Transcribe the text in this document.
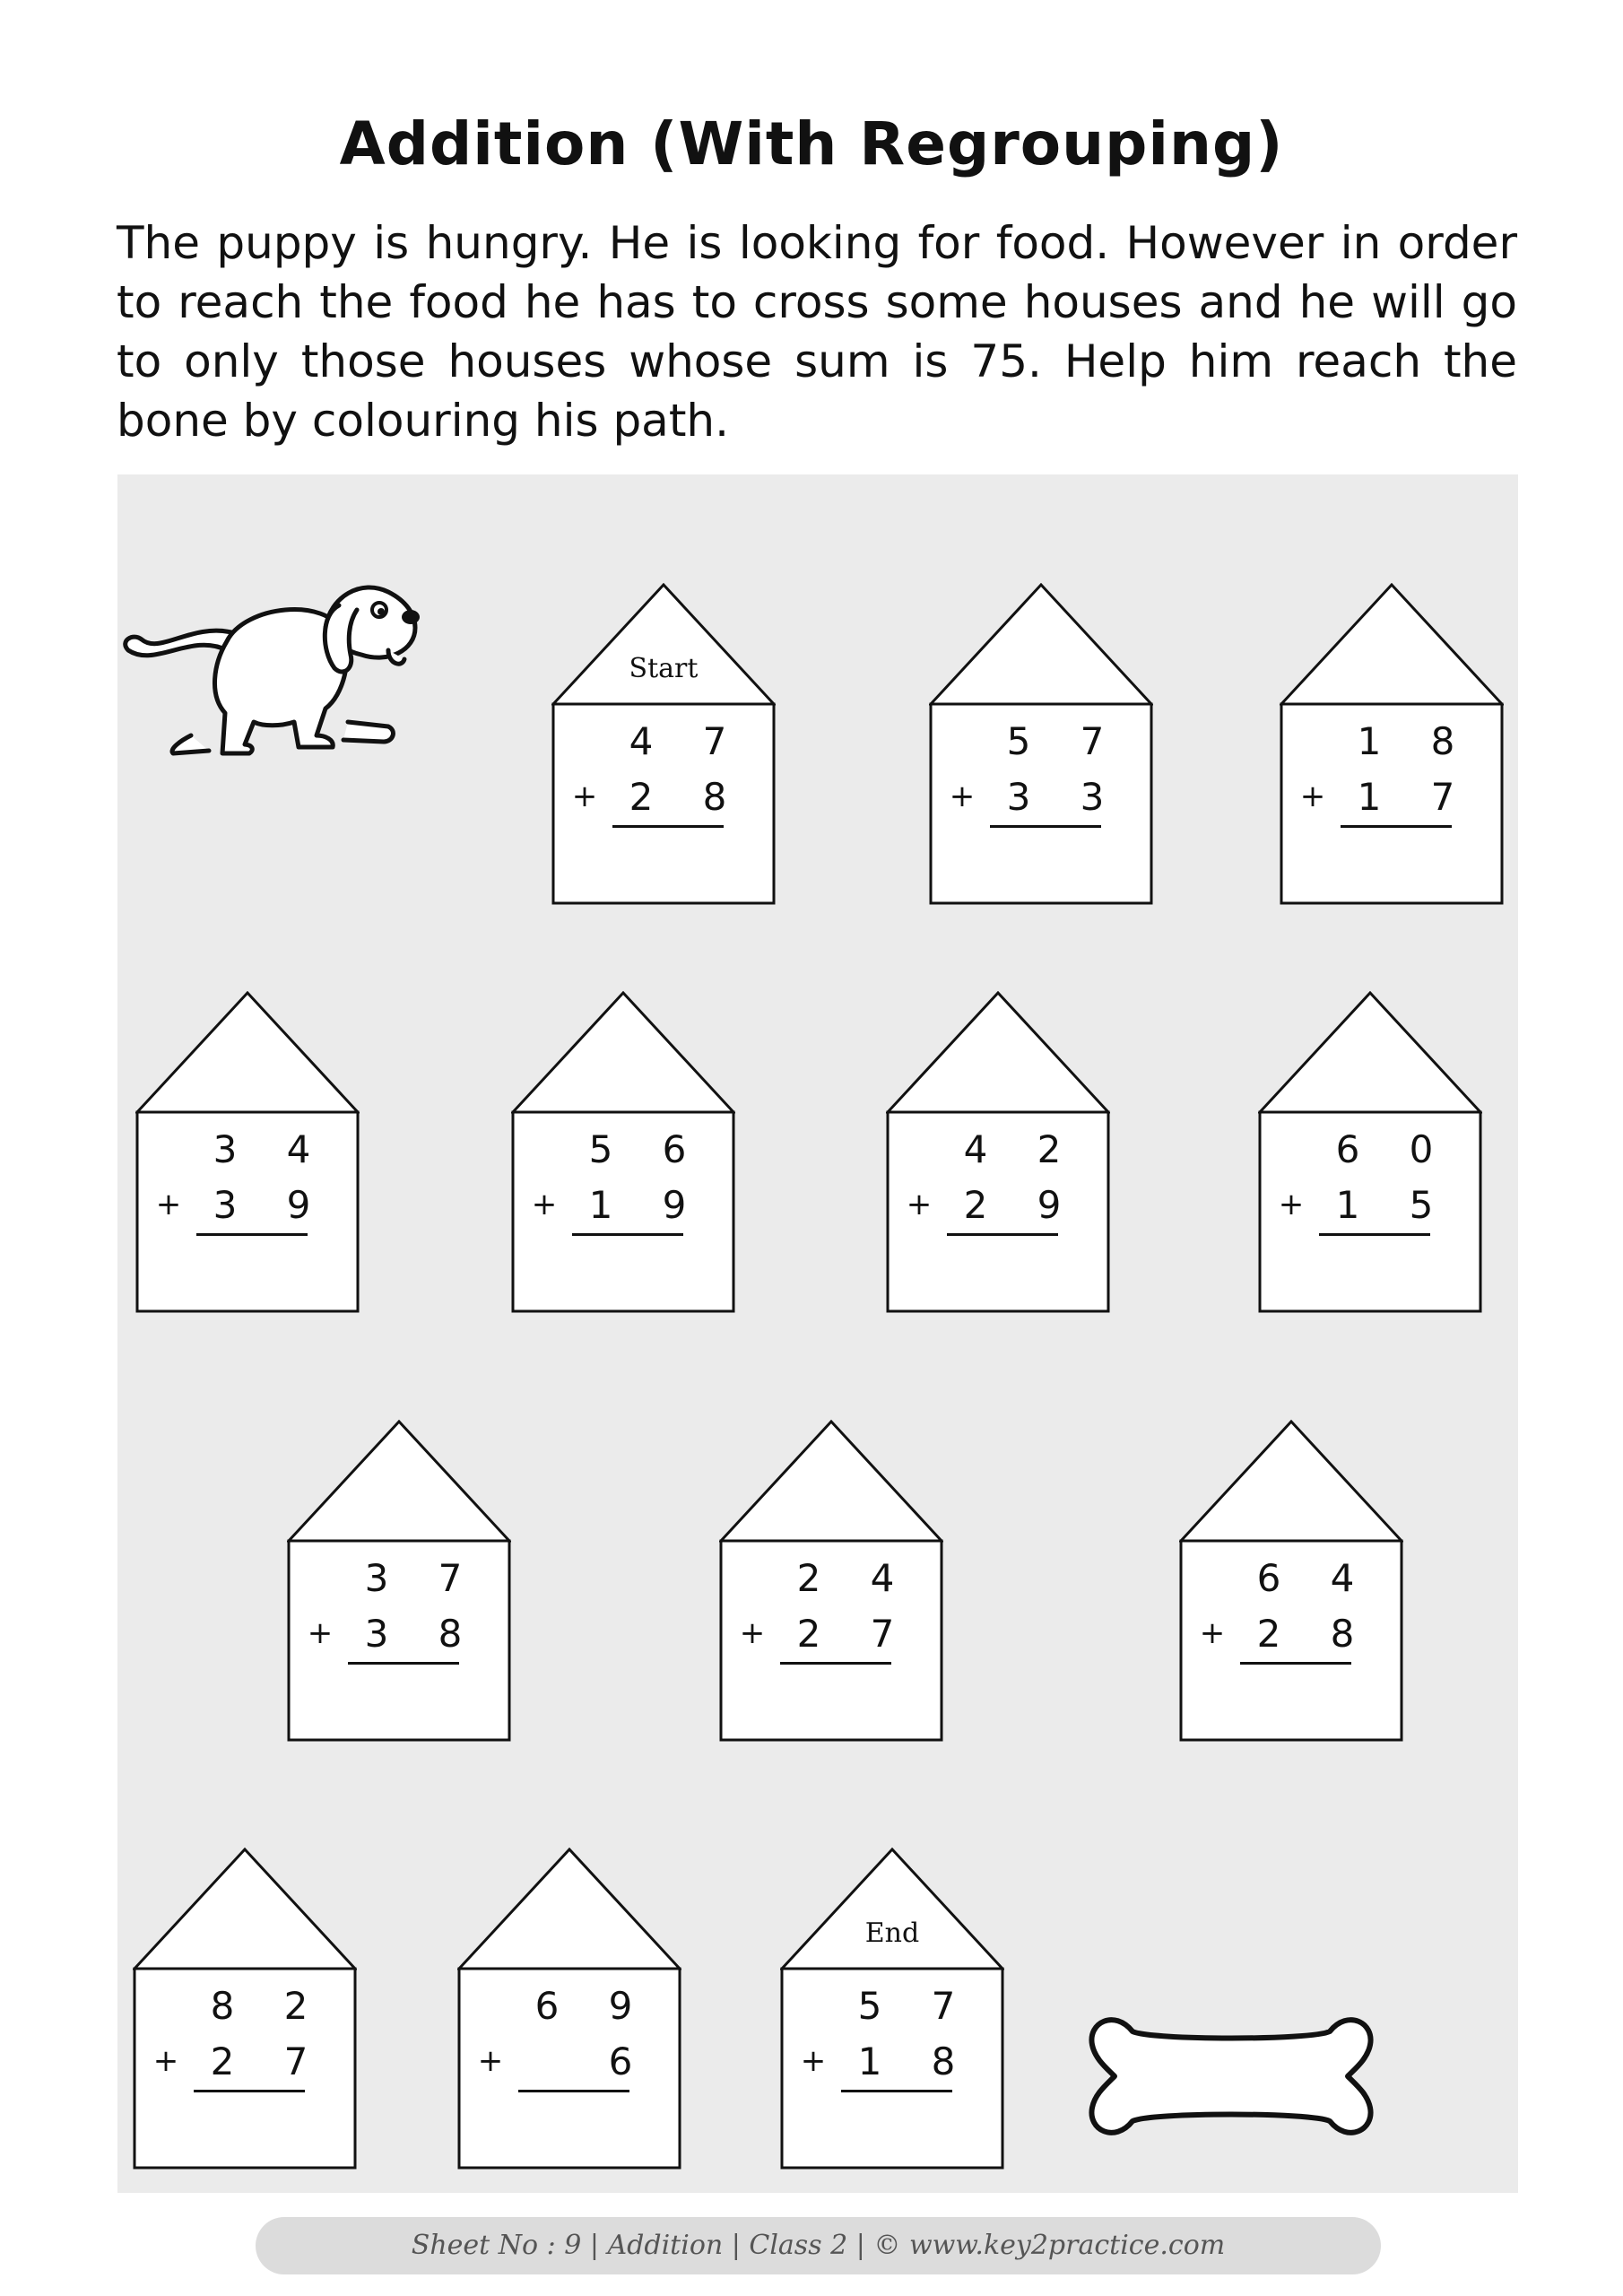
Addition (With Regrouping)

The puppy is hungry. He is looking for food. However in order to reach the food he has to cross some houses and he will go to only those houses whose sum is 75. Help him reach the bone by colouring his path.

Start
4 7
2 8
+
5 7
3 3
+
1 8
1 7
+
3 4
3 9
+
5 6
1 9
+
4 2
2 9
+
6 0
1 5
+
3 7
3 8
+
2 4
2 7
+
6 4
2 8
+
8 2
2 7
+
6 9
6
+
End
5 7
1 8
+
Sheet No : 9 | Addition | Class 2 | © www.key2practice.com
